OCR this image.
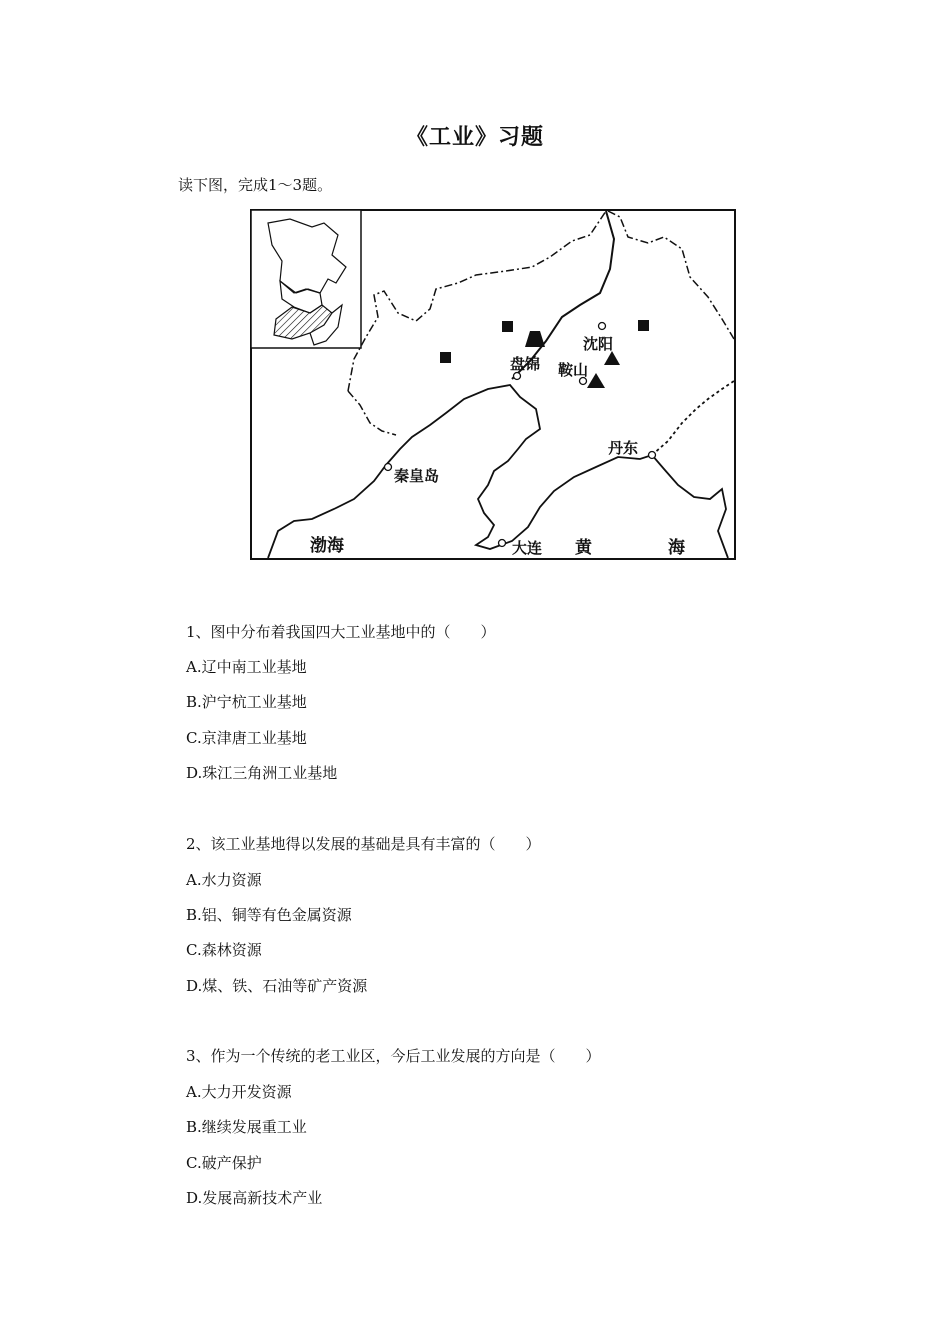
《工业》习题
读下图，完成1～3题。
沈阳
盘锦 鞍山
丹东
秦皇岛
大连
渤海	黄	海
1、图中分布着我国四大工业基地中的（　　）
A.辽中南工业基地
B.沪宁杭工业基地
C.京津唐工业基地
D.珠江三角洲工业基地
2、该工业基地得以发展的基础是具有丰富的（　　）
A.水力资源
B.铝、铜等有色金属资源
C.森林资源
D.煤、铁、石油等矿产资源
3、作为一个传统的老工业区，今后工业发展的方向是（　　）
A.大力开发资源
B.继续发展重工业
C.破产保护
D.发展高新技术产业
